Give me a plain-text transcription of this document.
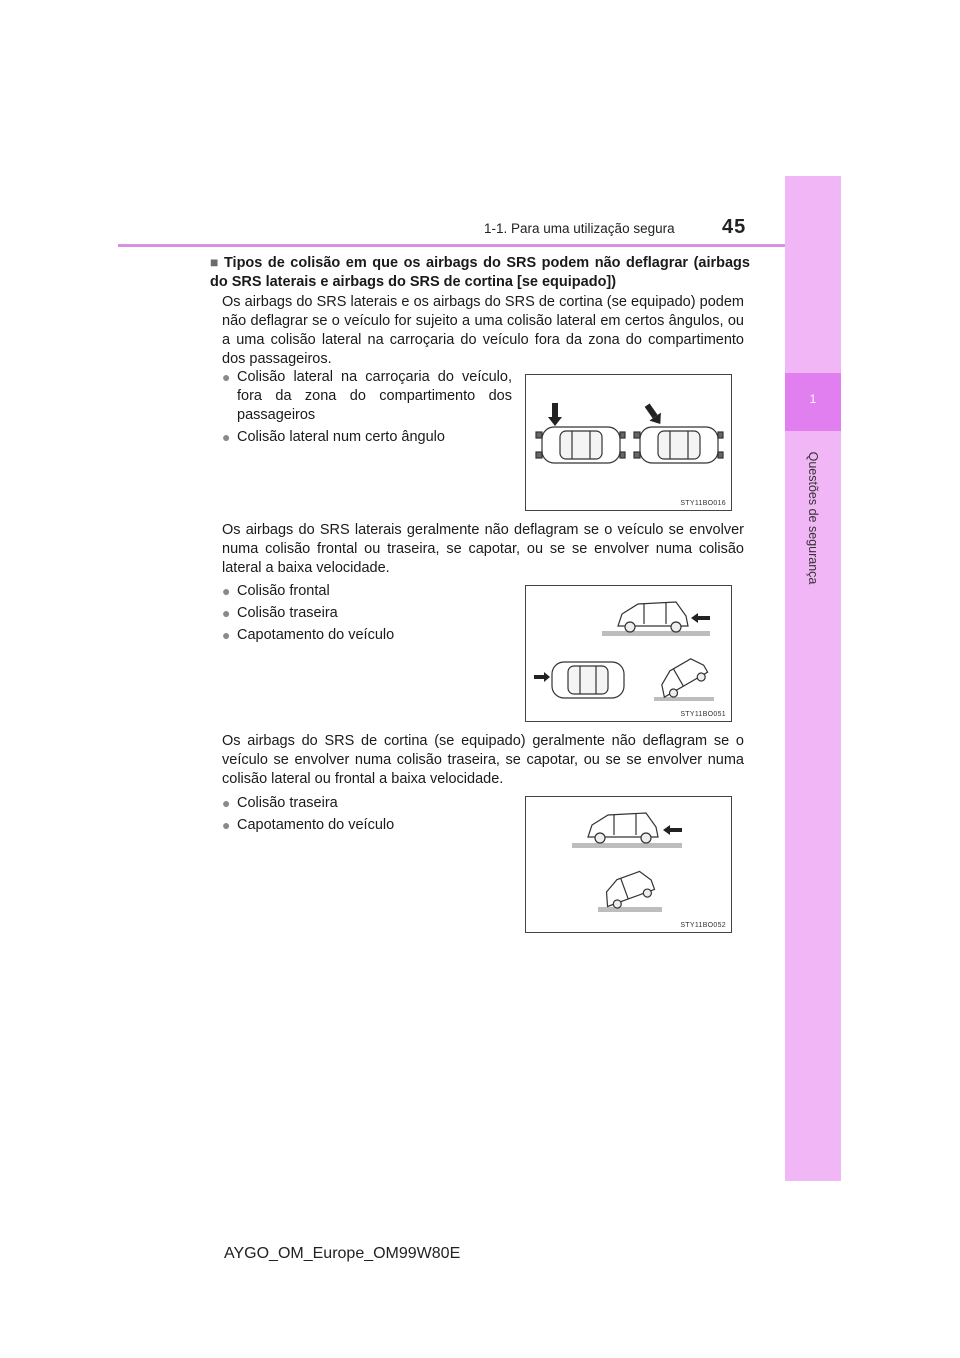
1-1. Para uma utilização segura 45
1
Questões de segurança
■ Tipos de colisão em que os airbags do SRS podem não deflagrar (airbags do SRS laterais e airbags do SRS de cortina [se equipado])
Os airbags do SRS laterais e os airbags do SRS de cortina (se equipado) podem não deflagrar se o veículo for sujeito a uma colisão lateral em certos ângulos, ou a uma colisão lateral na carroçaria do veículo fora da zona do compartimento dos passageiros.
● Colisão lateral na carroçaria do veículo, fora da zona do compartimento dos passageiros
● Colisão lateral num certo ângulo
STY11BO016
Os airbags do SRS laterais geralmente não deflagram se o veículo se envolver numa colisão frontal ou traseira, se capotar, ou se se envolver numa colisão lateral a baixa velocidade.
● Colisão frontal
● Colisão traseira
● Capotamento do veículo
STY11BO051
Os airbags do SRS de cortina (se equipado) geralmente não deflagram se o veículo se envolver numa colisão traseira, se capotar, ou se se envolver numa colisão lateral ou frontal a baixa velocidade.
● Colisão traseira
● Capotamento do veículo
STY11BO052
AYGO_OM_Europe_OM99W80E
